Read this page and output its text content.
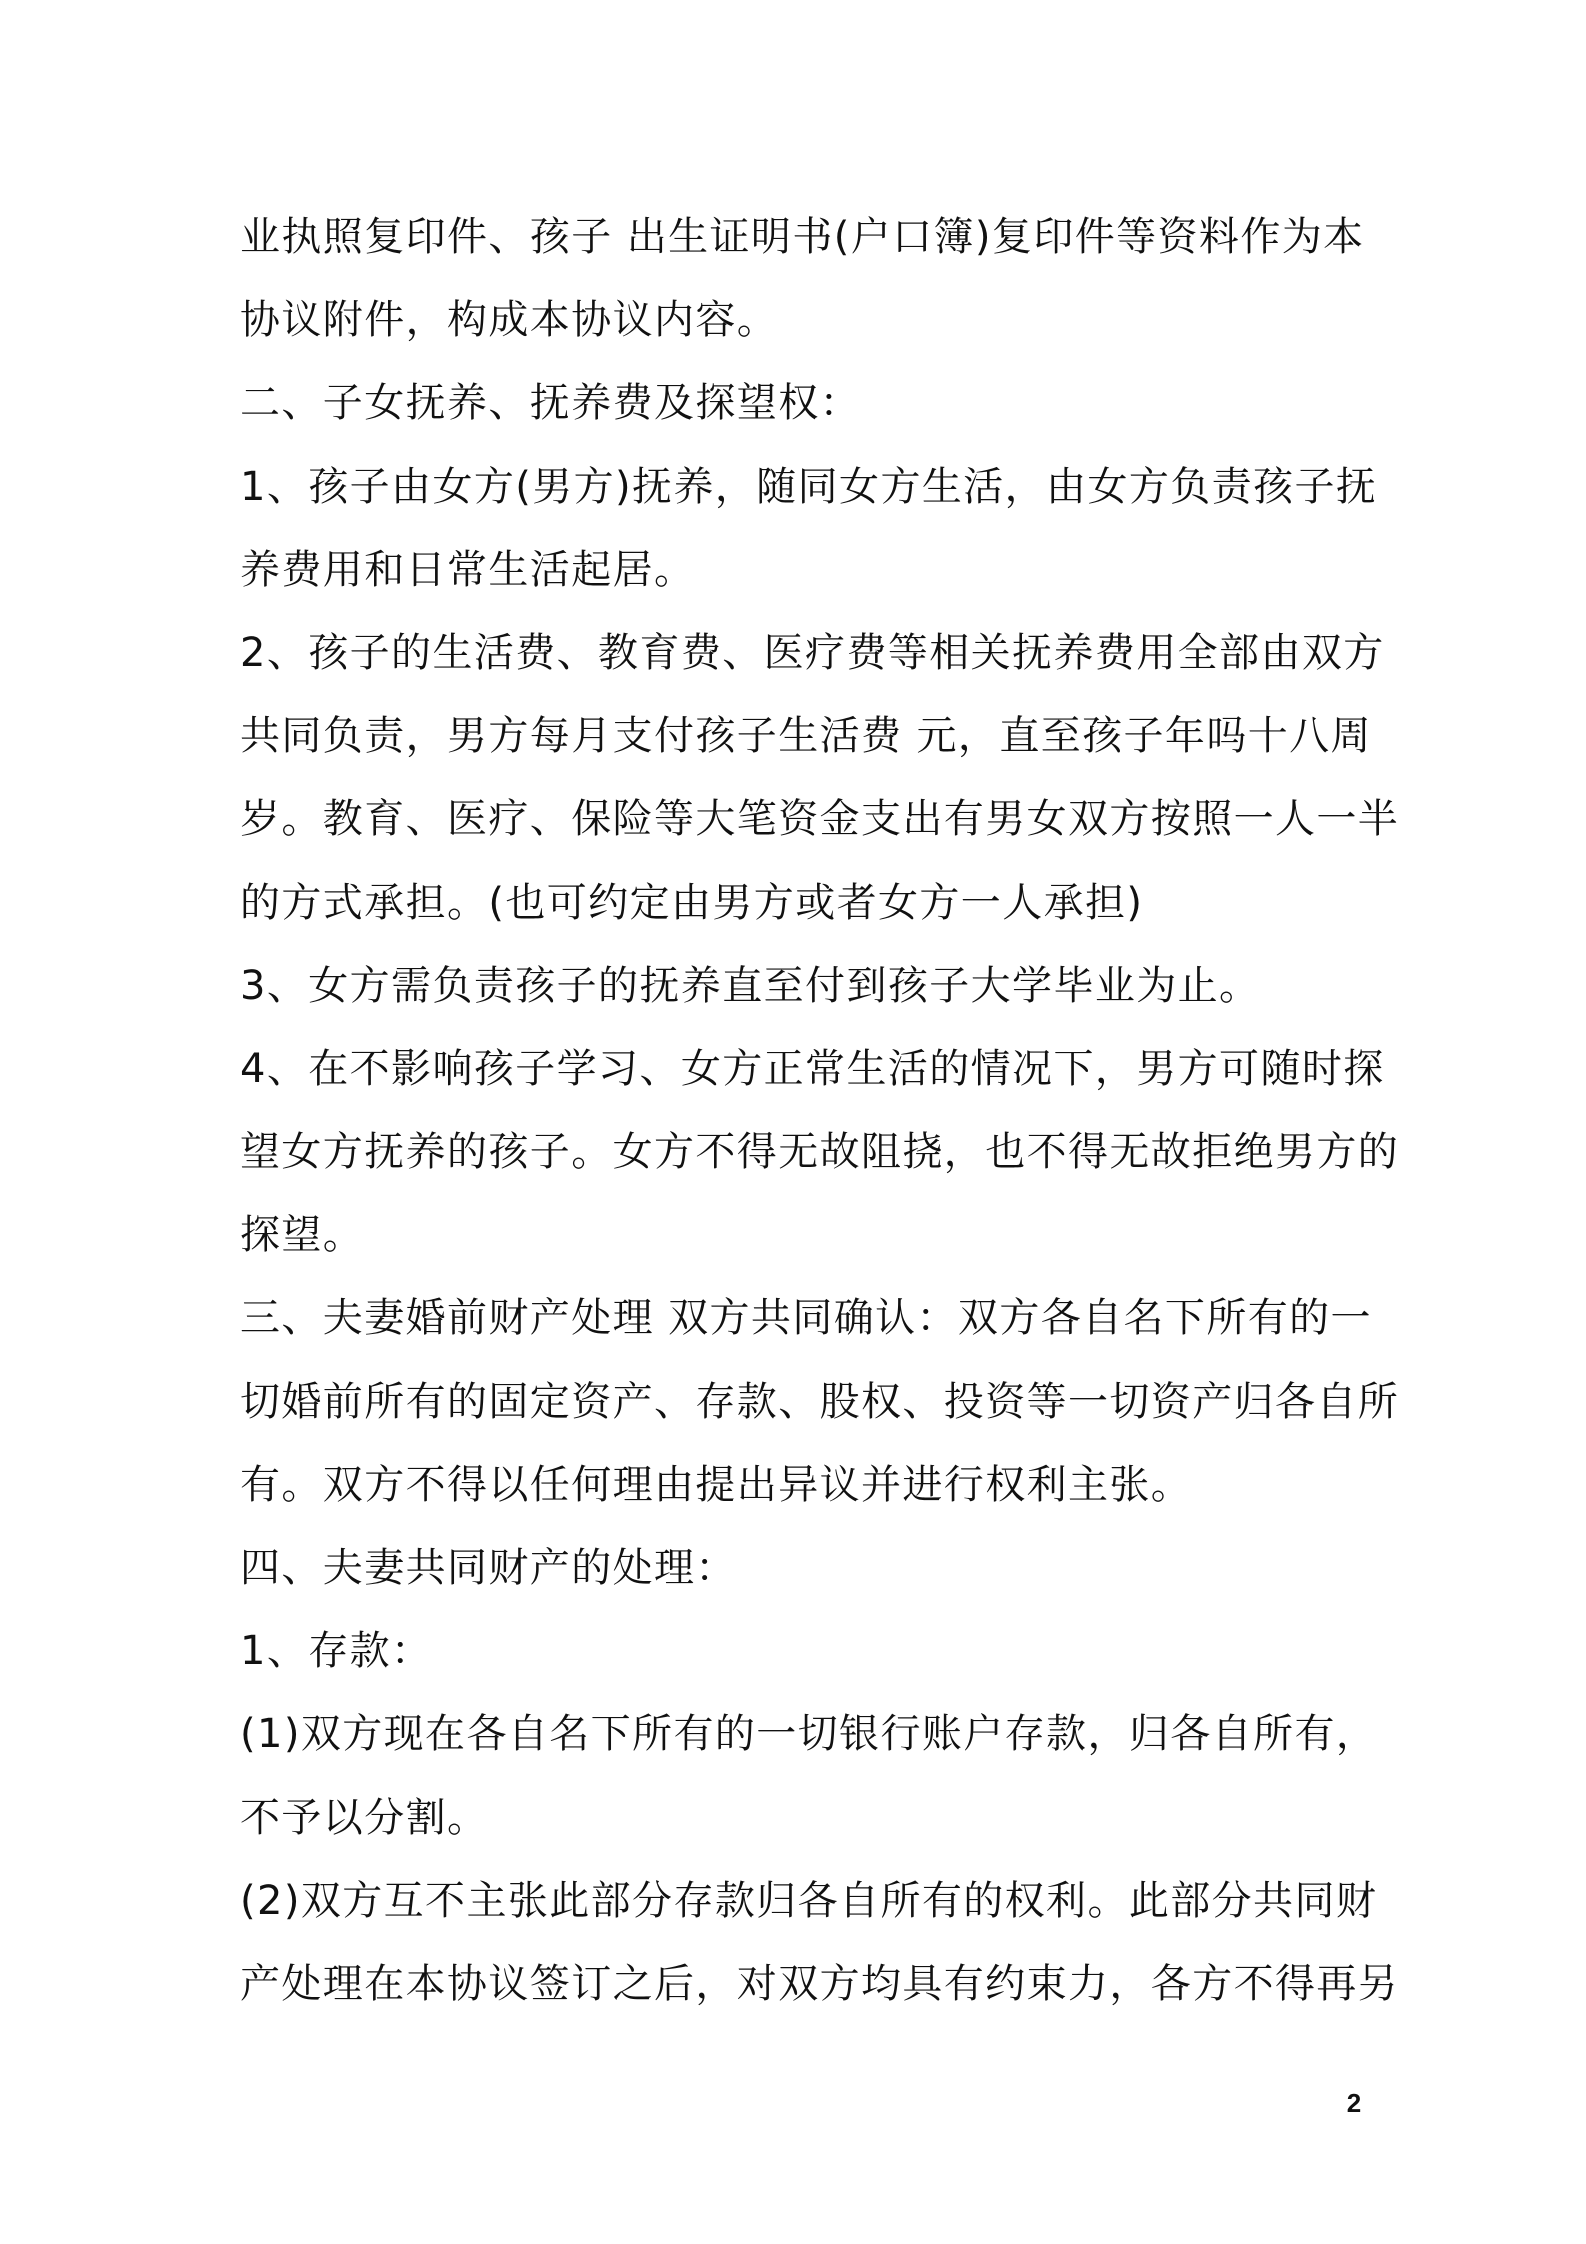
业执照复印件、孩子 出生证明书(户口簿)复印件等资料作为本
协议附件，构成本协议内容。
二、子女抚养、抚养费及探望权：
1、孩子由女方(男方)抚养，随同女方生活，由女方负责孩子抚
养费用和日常生活起居。
2、孩子的生活费、教育费、医疗费等相关抚养费用全部由双方
共同负责，男方每月支付孩子生活费 元，直至孩子年吗十八周
岁。教育、医疗、保险等大笔资金支出有男女双方按照一人一半
的方式承担。(也可约定由男方或者女方一人承担)
3、女方需负责孩子的抚养直至付到孩子大学毕业为止。
4、在不影响孩子学习、女方正常生活的情况下，男方可随时探
望女方抚养的孩子。女方不得无故阻挠，也不得无故拒绝男方的
探望。
三、夫妻婚前财产处理 双方共同确认：双方各自名下所有的一
切婚前所有的固定资产、存款、股权、投资等一切资产归各自所
有。双方不得以任何理由提出异议并进行权利主张。
四、夫妻共同财产的处理：
1、存款：
(1)双方现在各自名下所有的一切银行账户存款，归各自所有，
不予以分割。
(2)双方互不主张此部分存款归各自所有的权利。此部分共同财
产处理在本协议签订之后，对双方均具有约束力，各方不得再另
2
